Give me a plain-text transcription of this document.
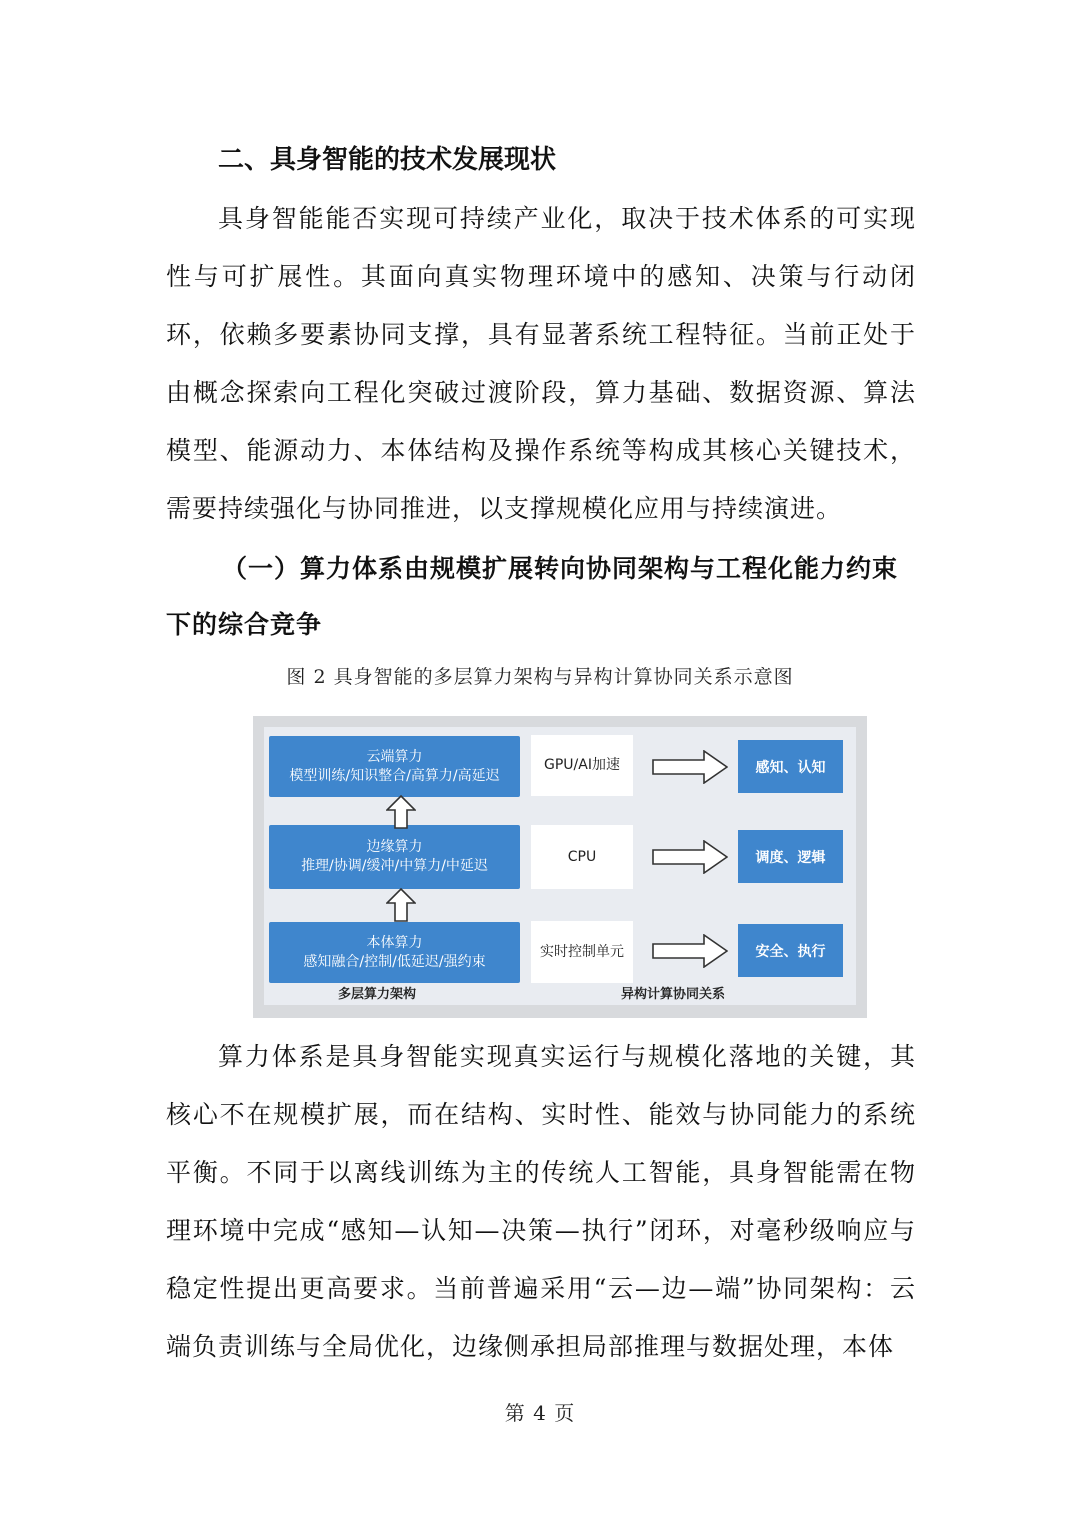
二、具身智能的技术发展现状

具身智能能否实现可持续产业化，取决于技术体系的可实现性与可扩展性。其面向真实物理环境中的感知、决策与行动闭环，依赖多要素协同支撑，具有显著系统工程特征。当前正处于由概念探索向工程化突破过渡阶段，算力基础、数据资源、算法模型、能源动力、本体结构及操作系统等构成其核心关键技术，需要持续强化与协同推进，以支撑规模化应用与持续演进。

（一）算力体系由规模扩展转向协同架构与工程化能力约束下的综合竞争
图 2 具身智能的多层算力架构与异构计算协同关系示意图
云端算力
模型训练/知识整合/高算力/高延迟
边缘算力
推理/协调/缓冲/中算力/中延迟
本体算力
感知融合/控制/低延迟/强约束
GPU/AI加速
CPU
实时控制单元
感知、认知
调度、逻辑
安全、执行
多层算力架构	异构计算协同关系

算力体系是具身智能实现真实运行与规模化落地的关键，其核心不在规模扩展，而在结构、实时性、能效与协同能力的系统平衡。不同于以离线训练为主的传统人工智能，具身智能需在物理环境中完成“感知—认知—决策—执行”闭环，对毫秒级响应与稳定性提出更高要求。当前普遍采用“云—边—端”协同架构：云端负责训练与全局优化，边缘侧承担局部推理与数据处理，本体

第 4 页
